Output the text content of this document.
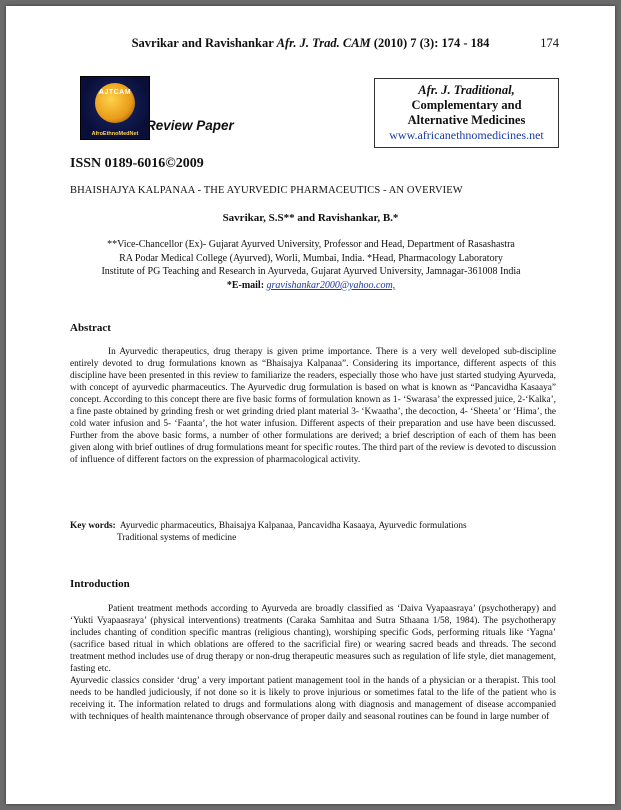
Savrikar and Ravishankar Afr. J. Trad. CAM (2010) 7 (3): 174 - 184	174
AJTCAM
AfroEthnoMedNet
Review Paper
Afr. J. Traditional,
Complementary and
Alternative Medicines
www.africanethnomedicines.net
ISSN 0189-6016©2009
BHAISHAJYA KALPANAA - THE AYURVEDIC PHARMACEUTICS - AN OVERVIEW
Savrikar, S.S** and Ravishankar, B.*
**Vice-Chancellor (Ex)- Gujarat Ayurved University, Professor and Head, Department of Rasashastra
RA Podar Medical College (Ayurved), Worli, Mumbai, India. *Head, Pharmacology Laboratory
Institute of PG Teaching and Research in Ayurveda, Gujarat Ayurved University, Jamnagar-361008 India
*E-mail: gravishankar2000@yahoo.com,
Abstract

In Ayurvedic therapeutics, drug therapy is given prime importance. There is a very well developed sub-discipline entirely devoted to drug formulations known as “Bhaisajya Kalpanaa”. Considering its importance, different aspects of this discipline have been presented in this review to familiarize the readers, especially those who have just started studying Ayurveda, with concept of ayurvedic pharmaceutics. The Ayurvedic drug formulation is based on what is known as “Pancavidha Kasaaya” concept. According to this concept there are five basic forms of formulation known as 1- ‘Swarasa’ the expressed juice, 2-‘Kalka’, a fine paste obtained by grinding fresh or wet grinding dried plant material 3- ‘Kwaatha’, the decoction, 4- ‘Sheeta’ or ‘Hima’, the cold water infusion and 5- ‘Faanta’, the hot water infusion. Different aspects of their preparation and use have been discussed. Further from the above basic forms, a number of other formulations are derived; a brief description of each of them has been given along with brief outlines of drug formulations meant for specific routes. The third part of the review is devoted to discussion of influence of different factors on the expression of pharmacological activity.

Key words: Ayurvedic pharmaceutics, Bhaisajya Kalpanaa, Pancavidha Kasaaya, Ayurvedic formulations
Traditional systems of medicine
Introduction

Patient treatment methods according to Ayurveda are broadly classified as ‘Daiva Vyapaasraya’ (psychotherapy) and ‘Yukti Vyapaasraya’ (physical interventions) treatments (Caraka Samhitaa and Sutra Sthaana 1/58, 1984). The psychotherapy includes chanting of condition specific mantras (religious chanting), worshiping specific Gods, performing rituals like ‘Yagna’ (sacrifice based ritual in which oblations are offered to the sacrificial fire) or wearing sacred beads and threads. The second treatment method includes use of drug therapy or non-drug therapeutic measures such as regulation of life style, diet management, fasting etc.

Ayurvedic classics consider ‘drug’ a very important patient management tool in the hands of a physician or a therapist. This tool needs to be handled judiciously, if not done so it is likely to prove injurious or sometimes fatal to the life of the patient who is receiving it. The information related to drugs and formulations along with diagnosis and management of disease accompanied with techniques of health maintenance through observance of proper daily and seasonal routines can be found in large number of
